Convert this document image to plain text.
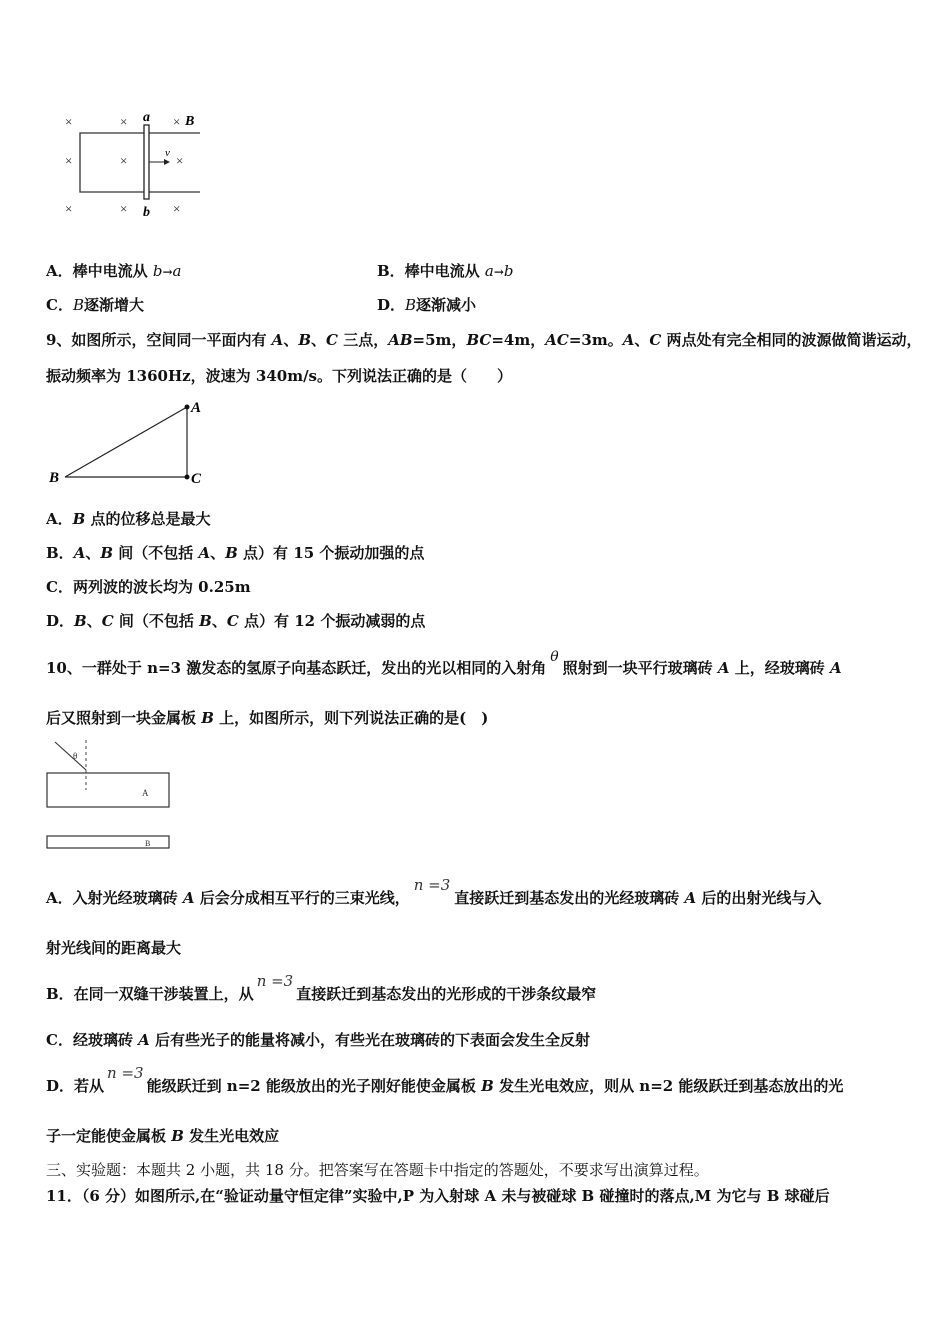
×	×	×
×	×	×
×	×	×
v
a
b
B
A．棒中电流从 b→a	B．棒中电流从 a→b
C．B逐渐增大	D．B逐渐减小
9、如图所示，空间同一平面内有 A、B、C 三点，AB=5m，BC=4m，AC=3m。A、C 两点处有完全相同的波源做简谐运动，
振动频率为 1360Hz，波速为 340m/s。下列说法正确的是（　　）
A
B	C
A．B 点的位移总是最大
B．A、B 间（不包括 A、B 点）有 15 个振动加强的点
C．两列波的波长均为 0.25m
D．B、C 间（不包括 B、C 点）有 12 个振动减弱的点
10、一群处于 n=3 激发态的氢原子向基态跃迁，发出的光以相同的入射角θ照射到一块平行玻璃砖 A 上，经玻璃砖 A
后又照射到一块金属板 B 上，如图所示，则下列说法正确的是(　)
θ
A
B
A．入射光经玻璃砖 A 后会分成相互平行的三束光线，n =3直接跃迁到基态发出的光经玻璃砖 A 后的出射光线与入
射光线间的距离最大
B．在同一双缝干涉装置上，从n =3直接跃迁到基态发出的光形成的干涉条纹最窄
C．经玻璃砖 A 后有些光子的能量将减小，有些光在玻璃砖的下表面会发生全反射
D．若从n =3能级跃迁到 n=2 能级放出的光子刚好能使金属板 B 发生光电效应，则从 n=2 能级跃迁到基态放出的光
子一定能使金属板 B 发生光电效应
三、实验题：本题共 2 小题，共 18 分。把答案写在答题卡中指定的答题处，不要求写出演算过程。
11．（6 分）如图所示,在“验证动量守恒定律”实验中,P 为入射球 A 未与被碰球 B 碰撞时的落点,M 为它与 B 球碰后
